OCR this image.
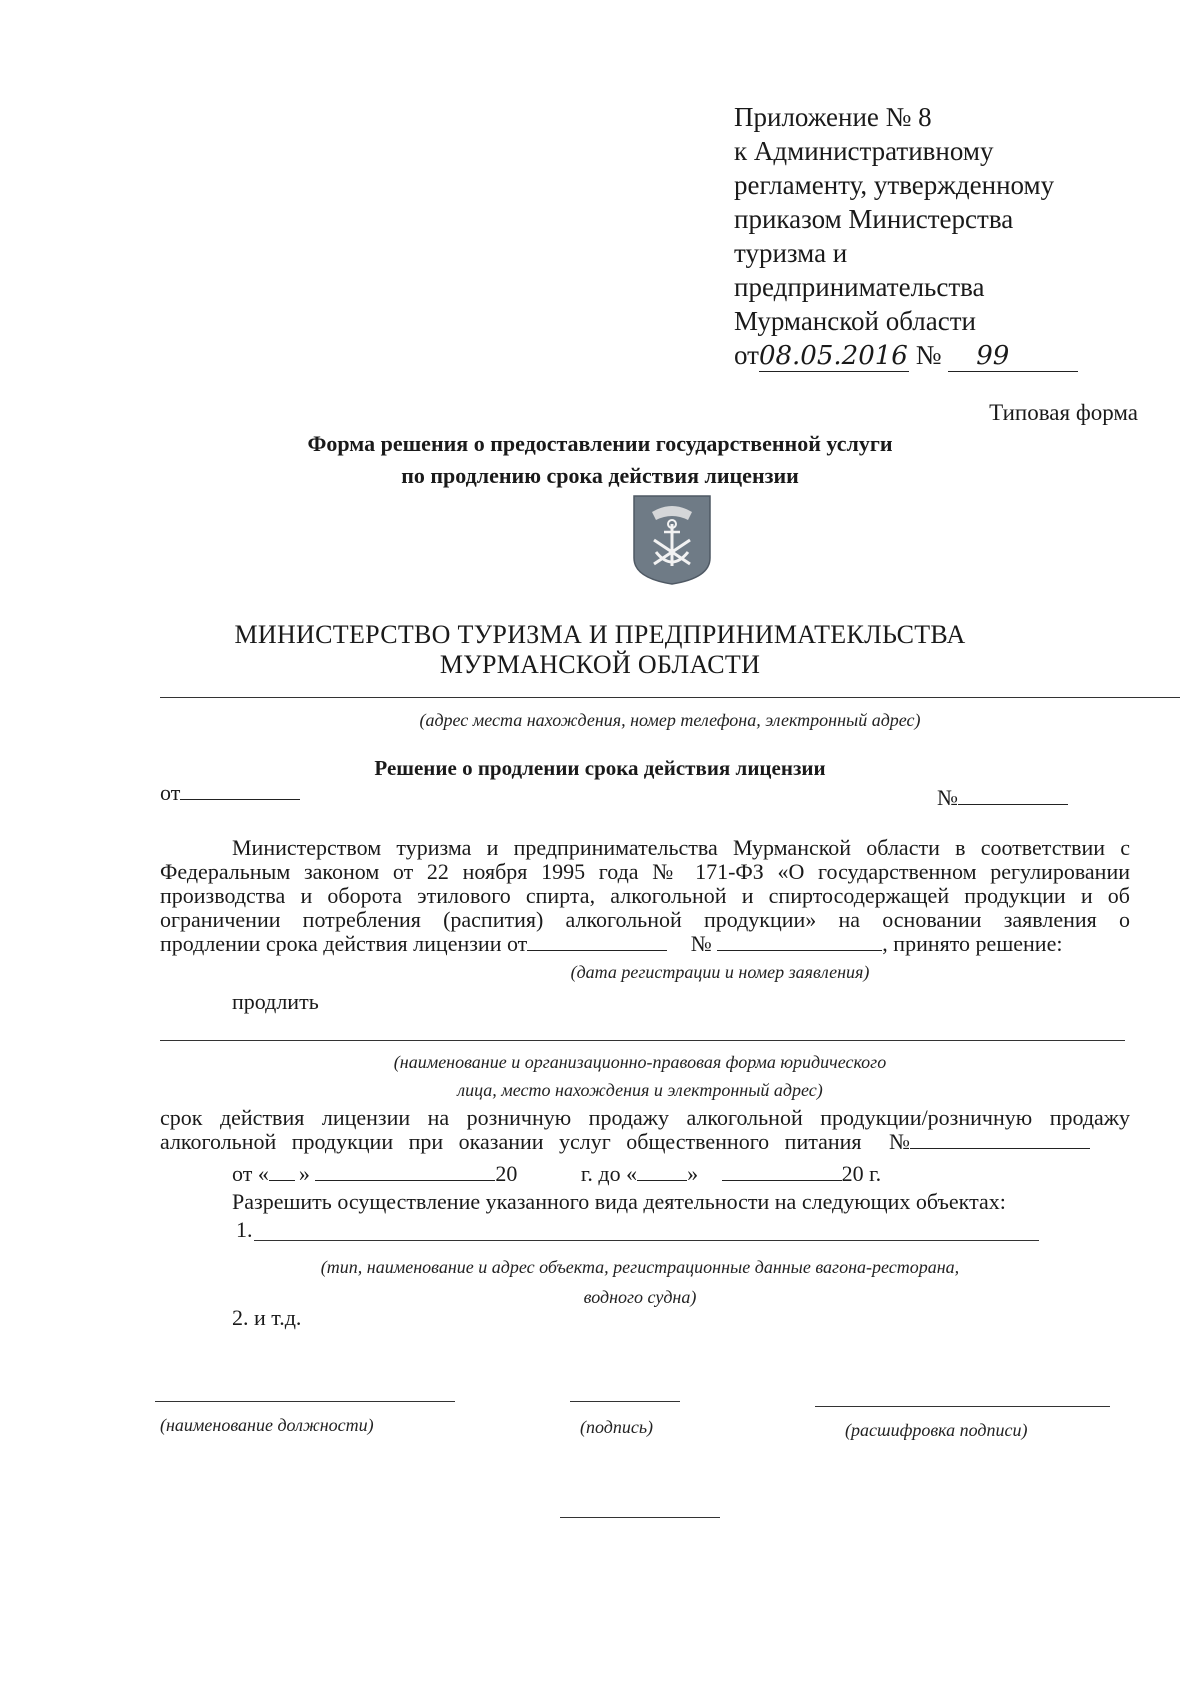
Приложение № 8
к Административному
регламенту, утвержденному
приказом Министерства
туризма и
предпринимательства
Мурманской области
от08.05.2016 № 99
Типовая форма
Форма решения о предоставлении государственной услуги
по продлению срока действия лицензии
МИНИСТЕРСТВО ТУРИЗМА И ПРЕДПРИНИМАТЕКЛЬСТВА
МУРМАНСКОЙ ОБЛАСТИ
(адрес места нахождения, номер телефона, электронный адрес)
Решение о продлении срока действия лицензии
от	№
Министерством туризма и предпринимательства Мурманской области в соответствии с
Федеральным законом от 22 ноября 1995 года № 171-ФЗ «О государственном регулировании
производства и оборота этилового спирта, алкогольной и спиртосодержащей продукции и об
ограничении потребления (распития) алкогольной продукции» на основании заявления о
продлении срока действия лицензии от	№	, принято решение:
(дата регистрации и номер заявления)
продлить
(наименование и организационно-правовая форма юридического
лица, место нахождения и электронный адрес)
срок действия лицензии на розничную продажу алкогольной продукции/розничную продажу
алкогольной продукции при оказании услуг общественного питания №
от « »	20	г. до « »	20 г.
Разрешить осуществление указанного вида деятельности на следующих объектах:
1.
(тип, наименование и адрес объекта, регистрационные данные вагона-ресторана,
водного судна)
2. и т.д.
(наименование должности)	(подпись)	(расшифровка подписи)
